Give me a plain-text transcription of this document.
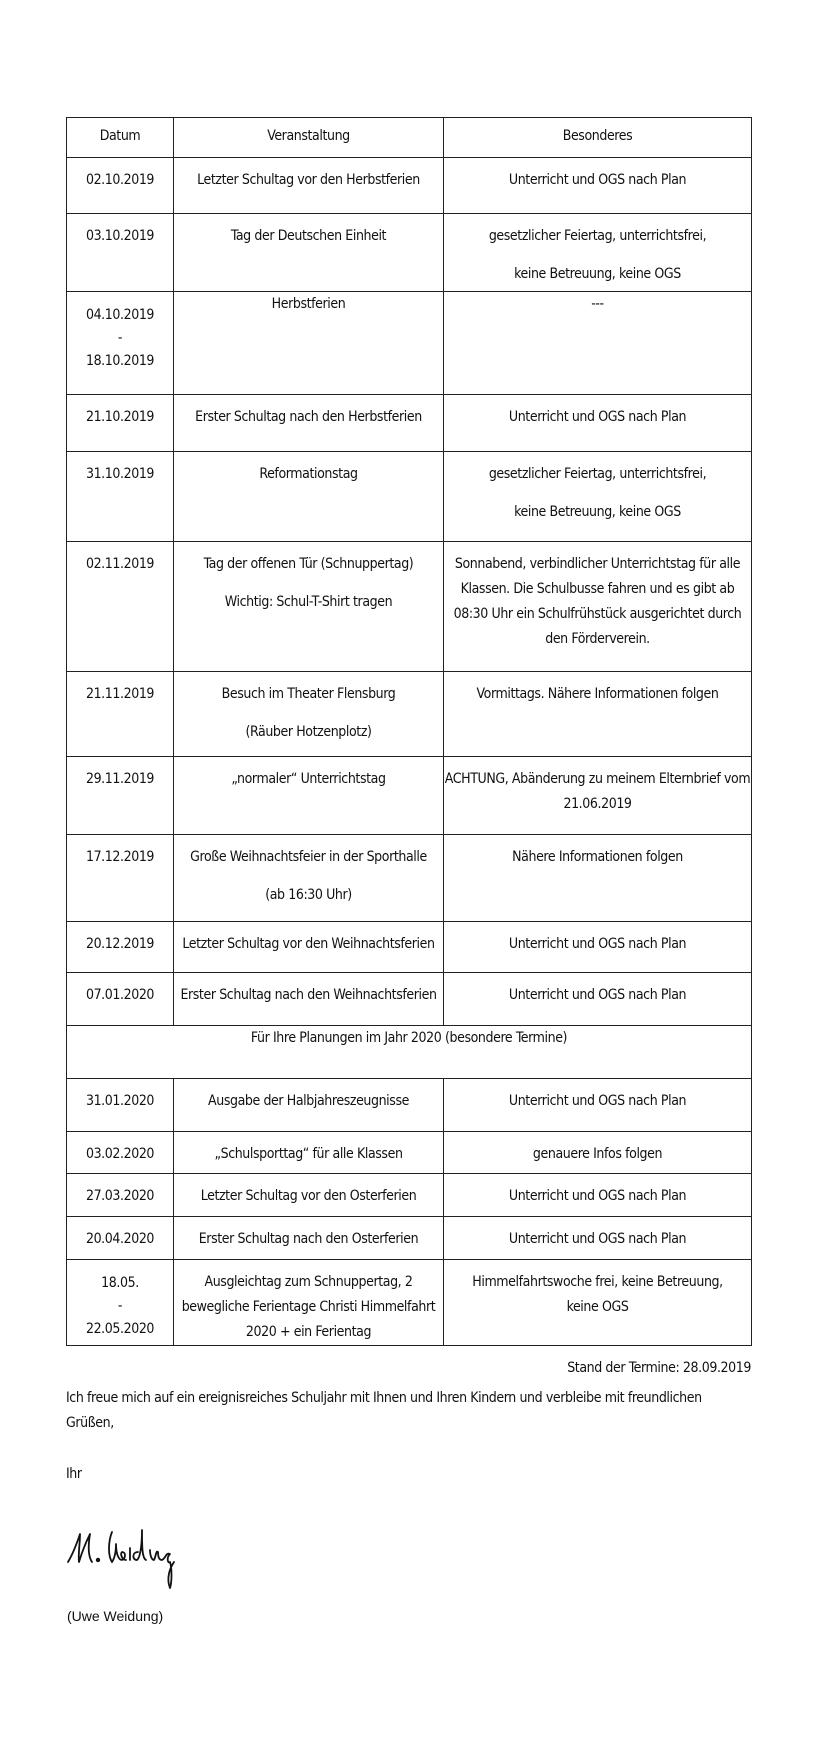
Datum	Veranstaltung	Besonderes

02.10.2019	Letzter Schultag vor den Herbstferien	Unterricht und OGS nach Plan

03.10.2019	Tag der Deutschen Einheit	gesetzlicher Feiertag, unterrichtsfrei,
keine Betreuung, keine OGS

04.10.2019
-
18.10.2019	Herbstferien	---

21.10.2019	Erster Schultag nach den Herbstferien	Unterricht und OGS nach Plan

31.10.2019	Reformationstag	gesetzlicher Feiertag, unterrichtsfrei,
keine Betreuung, keine OGS

02.11.2019	Tag der offenen Tür (Schnuppertag)
Wichtig: Schul-T-Shirt tragen	Sonnabend, verbindlicher Unterrichtstag für alle Klassen. Die Schulbusse fahren und es gibt ab 08:30 Uhr ein Schulfrühstück ausgerichtet durch den Förderverein.

21.11.2019	Besuch im Theater Flensburg
(Räuber Hotzenplotz)	Vormittags. Nähere Informationen folgen

29.11.2019	„normaler“ Unterrichtstag	ACHTUNG, Abänderung zu meinem Elternbrief vom 21.06.2019

17.12.2019	Große Weihnachtsfeier in der Sporthalle
(ab 16:30 Uhr)	Nähere Informationen folgen

20.12.2019	Letzter Schultag vor den Weihnachtsferien	Unterricht und OGS nach Plan

07.01.2020	Erster Schultag nach den Weihnachtsferien	Unterricht und OGS nach Plan

Für Ihre Planungen im Jahr 2020 (besondere Termine)		

31.01.2020	Ausgabe der Halbjahreszeugnisse	Unterricht und OGS nach Plan

03.02.2020	„Schulsporttag“ für alle Klassen	genauere Infos folgen

27.03.2020	Letzter Schultag vor den Osterferien	Unterricht und OGS nach Plan

20.04.2020	Erster Schultag nach den Osterferien	Unterricht und OGS nach Plan

18.05.
-
22.05.2020	Ausgleichtag zum Schnuppertag, 2 bewegliche Ferientage Christi Himmelfahrt 2020 + ein Ferientag	Himmelfahrtswoche frei, keine Betreuung,
keine OGS
Stand der Termine: 28.09.2019
Ich freue mich auf ein ereignisreiches Schuljahr mit Ihnen und Ihren Kindern und verbleibe mit freundlichen Grüßen,
Ihr
(Uwe Weidung)
